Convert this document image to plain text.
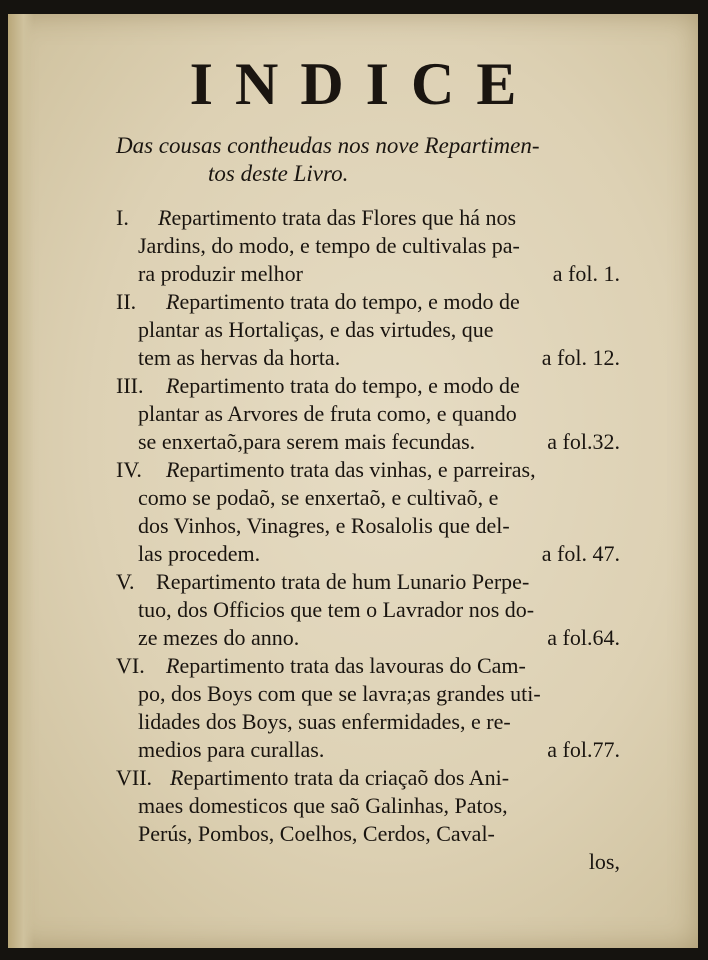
INDICE
Das cousas contheudas nos nove Repartimen-
tos deste Livro.
I. Repartimento trata das Flores que há nos
Jardins, do modo, e tempo de cultivalas pa-
ra produzir melhor	a fol. 1.
II. Repartimento trata do tempo, e modo de
plantar as Hortaliças, e das virtudes, que
tem as hervas da horta.	a fol. 12.
III. Repartimento trata do tempo, e modo de
plantar as Arvores de fruta como, e quando
se enxertaõ,para serem mais fecundas.	a fol.32.
IV. Repartimento trata das vinhas, e parreiras,
como se podaõ, se enxertaõ, e cultivaõ, e
dos Vinhos, Vinagres, e Rosalolis que del-
las procedem.	a fol. 47.
V. Repartimento trata de hum Lunario Perpe-
tuo, dos Officios que tem o Lavrador nos do-
ze mezes do anno.	a fol.64.
VI. Repartimento trata das lavouras do Cam-
po, dos Boys com que se lavra;as grandes uti-
lidades dos Boys, suas enfermidades, e re-
medios para curallas.	a fol.77.
VII. Repartimento trata da criaçaõ dos Ani-
maes domesticos que saõ Galinhas, Patos,
Perús, Pombos, Coelhos, Cerdos, Caval-
los,
